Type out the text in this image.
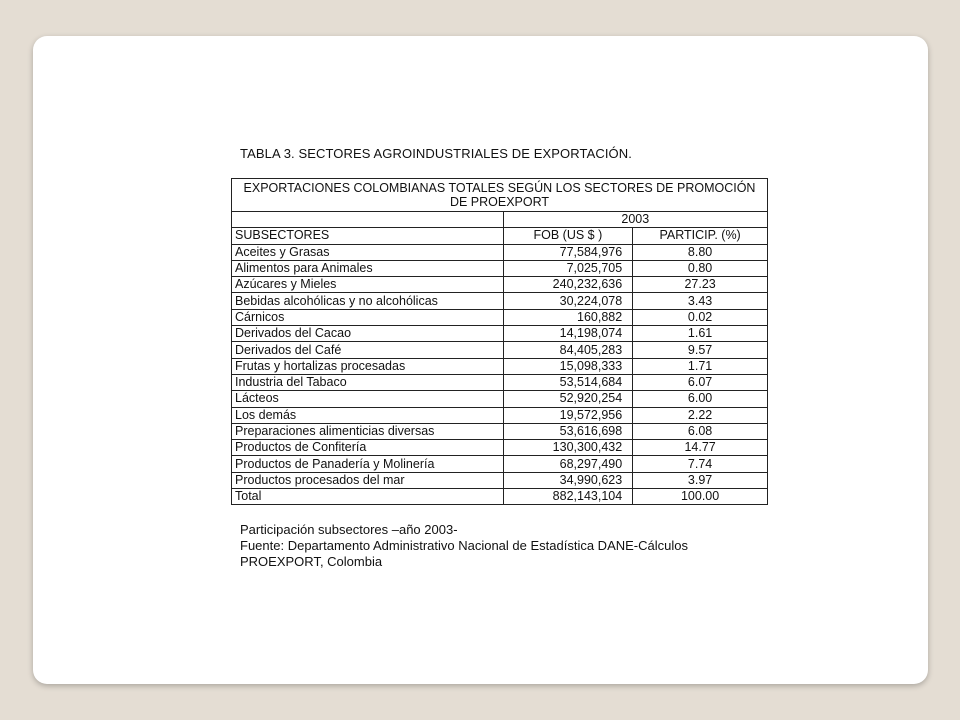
TABLA 3. SECTORES AGROINDUSTRIALES DE EXPORTACIÓN.
EXPORTACIONES COLOMBIANAS TOTALES SEGÚN LOS SECTORES DE PROMOCIÓN DE PROEXPORT		
	2003	
SUBSECTORES	FOB (US $ )	PARTICIP. (%)
Aceites y Grasas	77,584,976	8.80
Alimentos para Animales	7,025,705	0.80
Azúcares y Mieles	240,232,636	27.23
Bebidas alcohólicas y no alcohólicas	30,224,078	3.43
Cárnicos	160,882	0.02
Derivados del Cacao	14,198,074	1.61
Derivados del Café	84,405,283	9.57
Frutas y hortalizas procesadas	15,098,333	1.71
Industria del Tabaco	53,514,684	6.07
Lácteos	52,920,254	6.00
Los demás	19,572,956	2.22
Preparaciones alimenticias diversas	53,616,698	6.08
Productos de Confitería	130,300,432	14.77
Productos de Panadería y Molinería	68,297,490	7.74
Productos procesados del mar	34,990,623	3.97
Total	882,143,104	100.00
Participación subsectores –año 2003-
Fuente: Departamento Administrativo Nacional de Estadística DANE-Cálculos
PROEXPORT, Colombia
